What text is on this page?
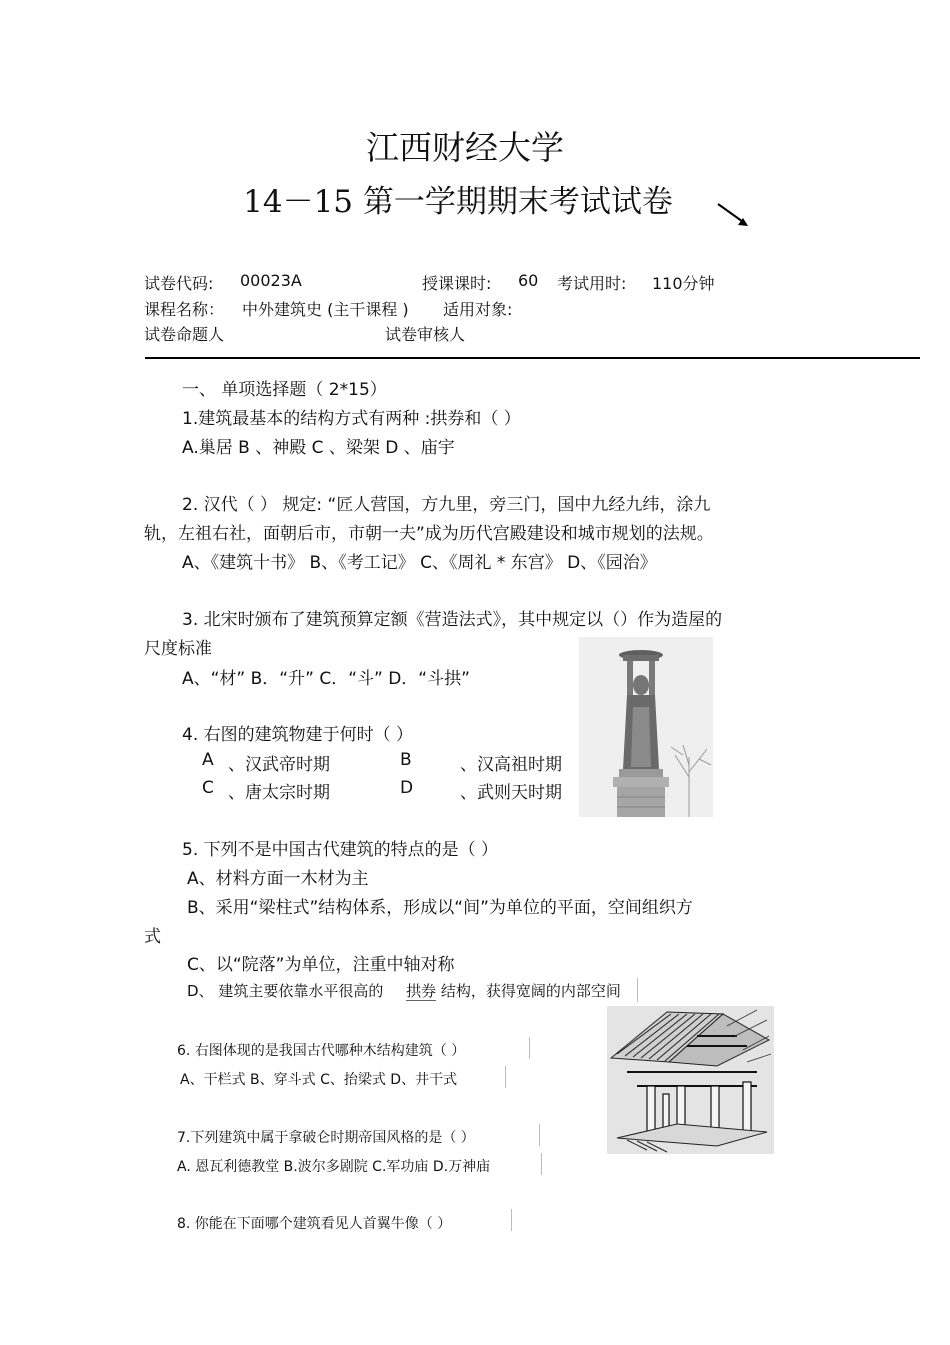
江西财经大学
14－15 第一学期期末考试试卷
试卷代码: 00023A	授课课时: 60 考试用时: 110分钟
课程名称： 中外建筑史 (主干课程 ) 适用对象:
试卷命题人	试卷审核人
一、 单项选择题（ 2*15）
1.建筑最基本的结构方式有两种 :拱券和（ ）
A.巢居 B 、神殿 C 、梁架 D 、庙宇
2. 汉代（ ） 规定: “匠人营国，方九里，旁三门，国中九经九纬，涂九
轨，左祖右社，面朝后市，市朝一夫”成为历代宫殿建设和城市规划的法规。
A、《建筑十书》 B、《考工记》 C、《周礼 * 东宫》 D、《园治》
3. 北宋时颁布了建筑预算定额《营造法式》，其中规定以（）作为造屋的
尺度标准
A、“材” B．“升” C．“斗” D．“斗拱”
4. 右图的建筑物建于何时（ ）
A 、汉武帝时期	B	、汉高祖时期
C 、唐太宗时期	D	、武则天时期
5. 下列不是中国古代建筑的特点的是（ ）
A、材料方面一木材为主
B、采用“梁柱式”结构体系，形成以“间”为单位的平面，空间组织方
式
C、以“院落”为单位，注重中轴对称
D、 建筑主要依靠水平很高的 拱券 结构，获得宽阔的内部空间
6. 右图体现的是我国古代哪种木结构建筑（ ）
A、干栏式 B、穿斗式 C、抬梁式 D、井干式
7.下列建筑中属于拿破仑时期帝国风格的是（ ）
A. 恩瓦利德教堂 B.波尔多剧院 C.军功庙 D.万神庙
8. 你能在下面哪个建筑看见人首翼牛像（ ）
